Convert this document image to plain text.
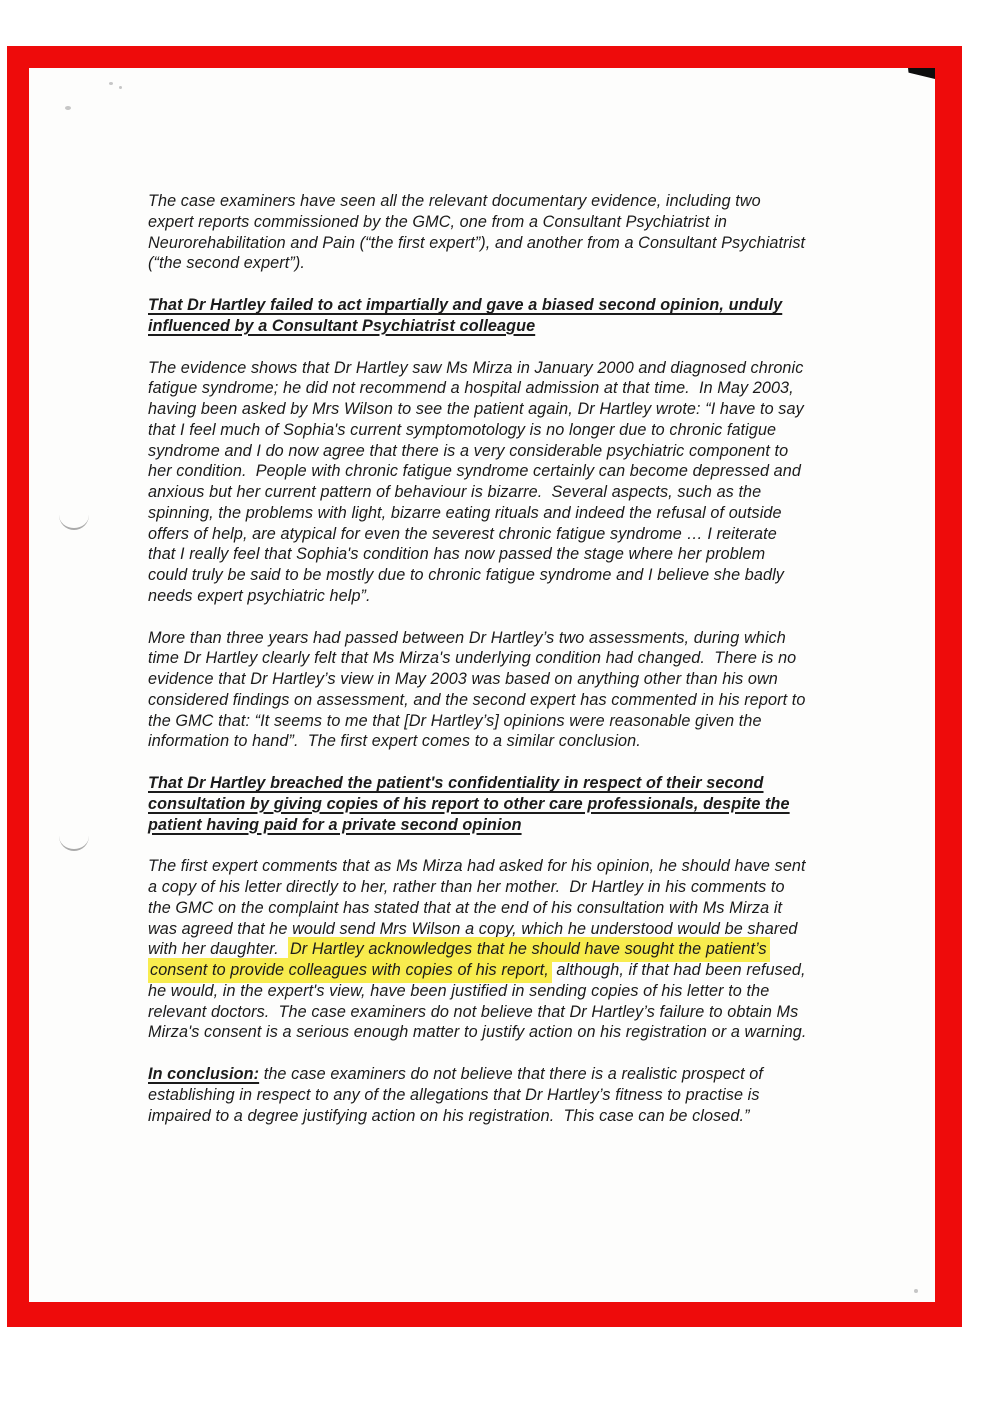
The case examiners have seen all the relevant documentary evidence, including two
expert reports commissioned by the GMC, one from a Consultant Psychiatrist in
Neurorehabilitation and Pain (“the first expert”), and another from a Consultant Psychiatrist
(“the second expert”).
That Dr Hartley failed to act impartially and gave a biased second opinion, unduly
influenced by a Consultant Psychiatrist colleague
The evidence shows that Dr Hartley saw Ms Mirza in January 2000 and diagnosed chronic
fatigue syndrome; he did not recommend a hospital admission at that time.  In May 2003,
having been asked by Mrs Wilson to see the patient again, Dr Hartley wrote: “I have to say
that I feel much of Sophia's current symptomotology is no longer due to chronic fatigue
syndrome and I do now agree that there is a very considerable psychiatric component to
her condition.  People with chronic fatigue syndrome certainly can become depressed and
anxious but her current pattern of behaviour is bizarre.  Several aspects, such as the
spinning, the problems with light, bizarre eating rituals and indeed the refusal of outside
offers of help, are atypical for even the severest chronic fatigue syndrome … I reiterate
that I really feel that Sophia's condition has now passed the stage where her problem
could truly be said to be mostly due to chronic fatigue syndrome and I believe she badly
needs expert psychiatric help”.
More than three years had passed between Dr Hartley’s two assessments, during which
time Dr Hartley clearly felt that Ms Mirza's underlying condition had changed.  There is no
evidence that Dr Hartley’s view in May 2003 was based on anything other than his own
considered findings on assessment, and the second expert has commented in his report to
the GMC that: “It seems to me that [Dr Hartley’s] opinions were reasonable given the
information to hand”.  The first expert comes to a similar conclusion.
That Dr Hartley breached the patient's confidentiality in respect of their second
consultation by giving copies of his report to other care professionals, despite the
patient having paid for a private second opinion
The first expert comments that as Ms Mirza had asked for his opinion, he should have sent
a copy of his letter directly to her, rather than her mother.  Dr Hartley in his comments to
the GMC on the complaint has stated that at the end of his consultation with Ms Mirza it
was agreed that he would send Mrs Wilson a copy, which he understood would be shared
with her daughter.  Dr Hartley acknowledges that he should have sought the patient’s
consent to provide colleagues with copies of his report, although, if that had been refused,
he would, in the expert's view, have been justified in sending copies of his letter to the
relevant doctors.  The case examiners do not believe that Dr Hartley’s failure to obtain Ms
Mirza's consent is a serious enough matter to justify action on his registration or a warning.
In conclusion: the case examiners do not believe that there is a realistic prospect of
establishing in respect to any of the allegations that Dr Hartley’s fitness to practise is
impaired to a degree justifying action on his registration.  This case can be closed.”
